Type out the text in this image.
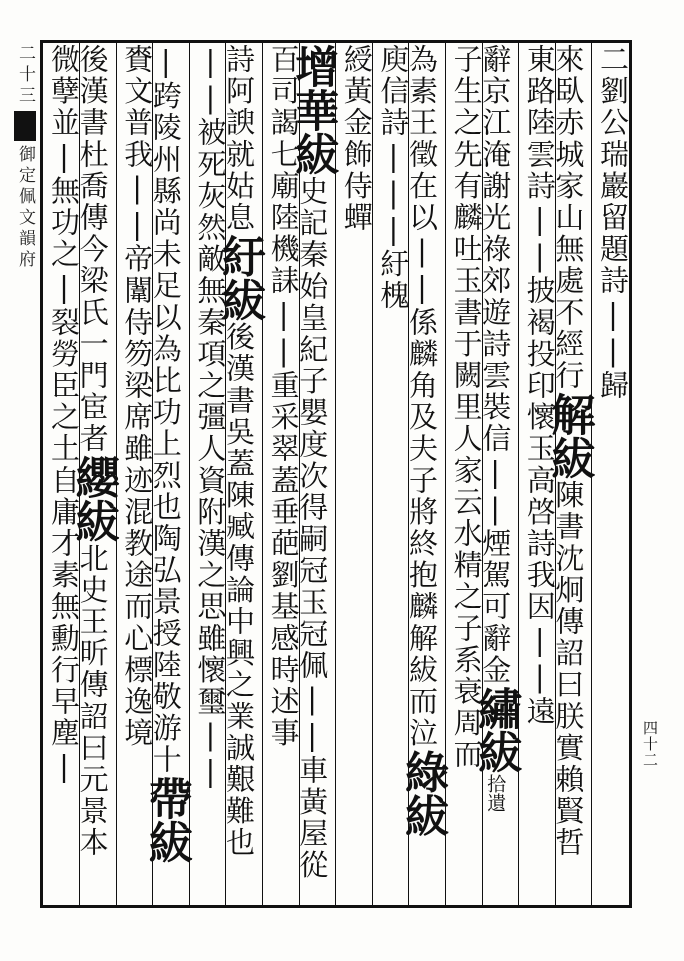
二十三御定佩文韻府	二劉公瑞巖留題詩||歸
來臥赤城家山無處不經行解紱陳書沈炯傳詔曰朕實賴賢哲
東路陸雲詩||披褐投印懷玉高啓詩我因||遠
辭京江淹謝光祿郊遊詩雲裝信||煙駕可辭金繡紱拾遺
子生之先有麟吐玉書于闕里人家云水精之子系衰周而
為素王徵在以||係麟角及夫子將終抱麟解紱而泣綠紱
庾信詩|||紆槐
綬黃金飾侍蟬
增華紱史記秦始皇紀子嬰度次得嗣冠玉冠佩||車黃屋從
百司謁七廟陸機誄||重采翠蓋垂葩劉基感時述事
詩阿諛就姑息紆紱後漢書吳蓋陳臧傳論中興之業誠艱難也
||被死灰然敵無秦項之彊人資附漢之思雖懷璽||
|跨陵州縣尚未足以為比功上烈也陶弘景授陸敬游十帶紱
賚文普我||帝闈侍笏梁席雖迹混教途而心標逸境
後漢書杜喬傳今梁氏一門宦者纓紱北史王昕傳詔曰元景本
微孽並|無功之|裂勞臣之土自庸才素無勳行早塵|	四十二
